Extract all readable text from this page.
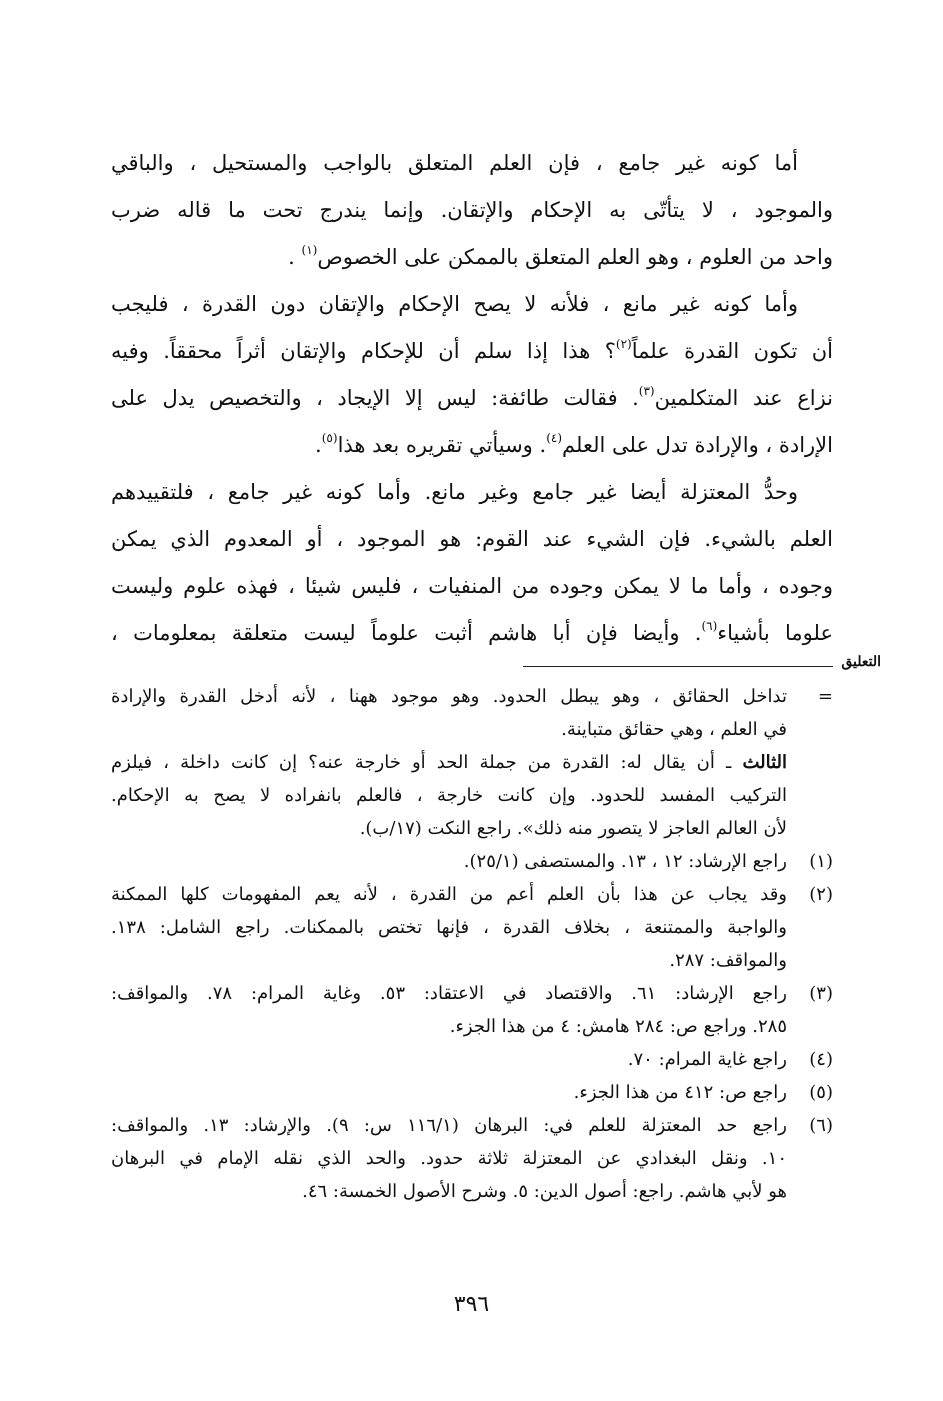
أما كونه غير جامع ، فإن العلم المتعلق بالواجب والمستحيل ، والباقي
والموجود ، لا يتأتّى به الإحكام والإتقان. وإنما يندرج تحت ما قاله ضرب
واحد من العلوم ، وهو العلم المتعلق بالممكن على الخصوص$^{(١)}$ .
وأما كونه غير مانع ، فلأنه لا يصح الإحكام والإتقان دون القدرة ، فليجب
أن تكون القدرة علماً$^{(٢)}$؟ هذا إذا سلم أن للإحكام والإتقان أثراً محققاً. وفيه
نزاع عند المتكلمين$^{(٣)}$. فقالت طائفة: ليس إلا الإيجاد ، والتخصيص يدل على
الإرادة ، والإرادة تدل على العلم$^{(٤)}$. وسيأتي تقريره بعد هذا$^{(٥)}$.
وحدُّ المعتزلة أيضا غير جامع وغير مانع. وأما كونه غير جامع ، فلتقييدهم
العلم بالشيء. فإن الشيء عند القوم: هو الموجود ، أو المعدوم الذي يمكن
وجوده ، وأما ما لا يمكن وجوده من المنفيات ، فليس شيئا ، فهذه علوم وليست
علوما بأشياء$^{(٦)}$. وأيضا فإن أبا هاشم أثبت علوماً ليست متعلقة بمعلومات ،
التعليق
=
تداخل الحقائق ، وهو يبطل الحدود. وهو موجود ههنا ، لأنه أدخل القدرة والإرادة
في العلم ، وهي حقائق متباينة.
الثالث ـ أن يقال له: القدرة من جملة الحد أو خارجة عنه؟ إن كانت داخلة ، فيلزم
التركيب المفسد للحدود. وإن كانت خارجة ، فالعلم بانفراده لا يصح به الإحكام.
لأن العالم العاجز لا يتصور منه ذلك». راجع النكت (١٧/ب).
(١)
راجع الإرشاد: ١٢ ، ١٣. والمستصفى (٢٥/١).
(٢)
وقد يجاب عن هذا بأن العلم أعم من القدرة ، لأنه يعم المفهومات كلها الممكنة
والواجبة والممتنعة ، بخلاف القدرة ، فإنها تختص بالممكنات. راجع الشامل: ١٣٨.
والمواقف: ٢٨٧.
(٣)
راجع الإرشاد: ٦١. والاقتصاد في الاعتقاد: ٥٣. وغاية المرام: ٧٨. والمواقف:
٢٨٥. وراجع ص: ٢٨٤ هامش: ٤ من هذا الجزء.
(٤)
راجع غاية المرام: ٧٠.
(٥)
راجع ص: ٤١٢ من هذا الجزء.
(٦)
راجع حد المعتزلة للعلم في: البرهان (١١٦/١ س: ٩). والإرشاد: ١٣. والمواقف:
١٠. ونقل البغدادي عن المعتزلة ثلاثة حدود. والحد الذي نقله الإمام في البرهان
هو لأبي هاشم. راجع: أصول الدين: ٥. وشرح الأصول الخمسة: ٤٦.
٣٩٦
